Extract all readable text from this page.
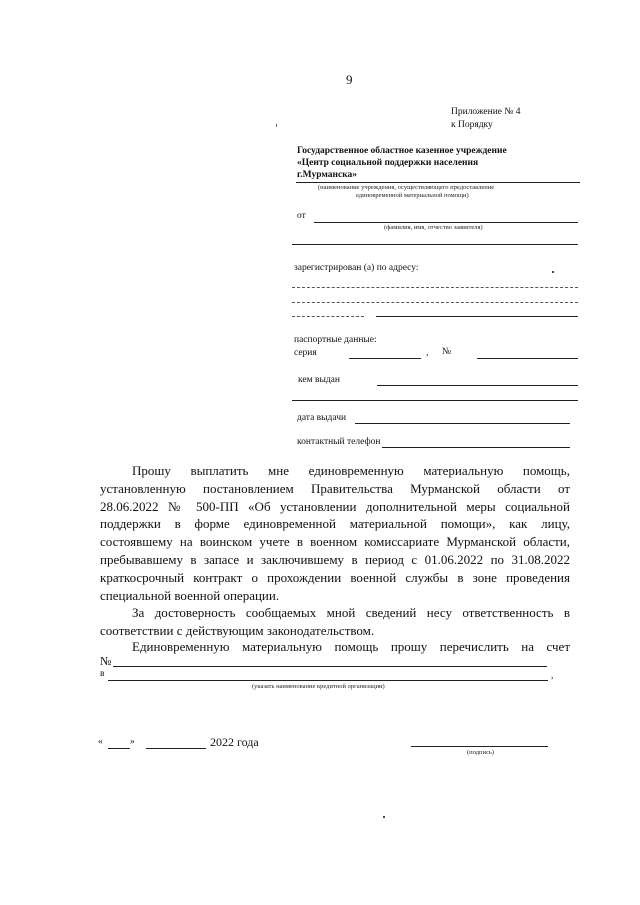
9
Приложение № 4
к Порядку
Государственное областное казенное учреждение
«Центр социальной поддержки населения
г.Мурманска»
(наименование учреждения, осуществляющего предоставление
единовременной материальной помощи)
от
(фамилия, имя, отчество заявителя)
зарегистрирован (а) по адресу:
паспортные данные:
серия	, №
кем выдан
дата выдачи
контактный телефон
Прошу выплатить мне единовременную материальную помощь,
установленную постановлением Правительства Мурманской области от
28.06.2022 № 500-ПП «Об установлении дополнительной меры социальной
поддержки в форме единовременной материальной помощи», как лицу,
состоявшему на воинском учете в военном комиссариате Мурманской области,
пребывавшему в запасе и заключившему в период с 01.06.2022 по 31.08.2022
краткосрочный контракт о прохождении военной службы в зоне проведения
специальной военной операции.
За достоверность сообщаемых мной сведений несу ответственность в
соответствии с действующим законодательством.
Единовременную материальную помощь прошу перечислить на счет
№
в	,
(указать наименование кредитной организации)
«	»	2022 года
(подпись)
